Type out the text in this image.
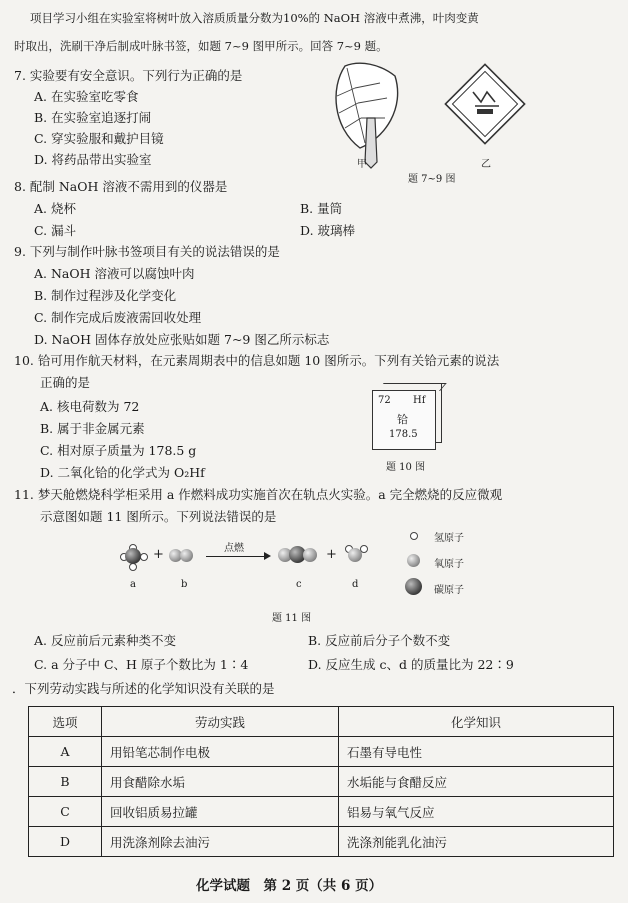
项目学习小组在实验室将树叶放入溶质质量分数为10%的 NaOH 溶液中煮沸，叶肉变黄
时取出，洗刷干净后制成叶脉书签，如题 7~9 图甲所示。回答 7~9 题。
7. 实验要有安全意识。下列行为正确的是
A. 在实验室吃零食
B. 在实验室追逐打闹
C. 穿实验服和戴护目镜
D. 将药品带出实验室	甲	乙
题 7~9 图
8. 配制 NaOH 溶液不需用到的仪器是
A. 烧杯	B. 量筒
C. 漏斗	D. 玻璃棒
9. 下列与制作叶脉书签项目有关的说法错误的是
A. NaOH 溶液可以腐蚀叶肉
B. 制作过程涉及化学变化
C. 制作完成后废液需回收处理
D. NaOH 固体存放处应张贴如题 7~9 图乙所示标志
10. 铪可用作航天材料，在元素周期表中的信息如题 10 图所示。下列有关铪元素的说法
正确的是
A. 核电荷数为 72
B. 属于非金属元素
C. 相对原子质量为 178.5 g
D. 二氧化铪的化学式为 O₂Hf
72 Hf
铪
178.5
题 10 图
11. 梦天舱燃烧科学柜采用 a 作燃料成功实施首次在轨点火实验。a 完全燃烧的反应微观
示意图如题 11 图所示。下列说法错误的是
+	点燃	+
a	b	c	d
氢原子
氧原子
碳原子
题 11 图
A. 反应前后元素种类不变	B. 反应前后分子个数不变
C. a 分子中 C、H 原子个数比为 1∶4	D. 反应生成 c、d 的质量比为 22∶9
．下列劳动实践与所述的化学知识没有关联的是
选项	劳动实践	化学知识
A	用铅笔芯制作电极	石墨有导电性
B	用食醋除水垢	水垢能与食醋反应
C	回收铝质易拉罐	铝易与氧气反应
D	用洗涤剂除去油污	洗涤剂能乳化油污
化学试题　第 2 页（共 6 页）
